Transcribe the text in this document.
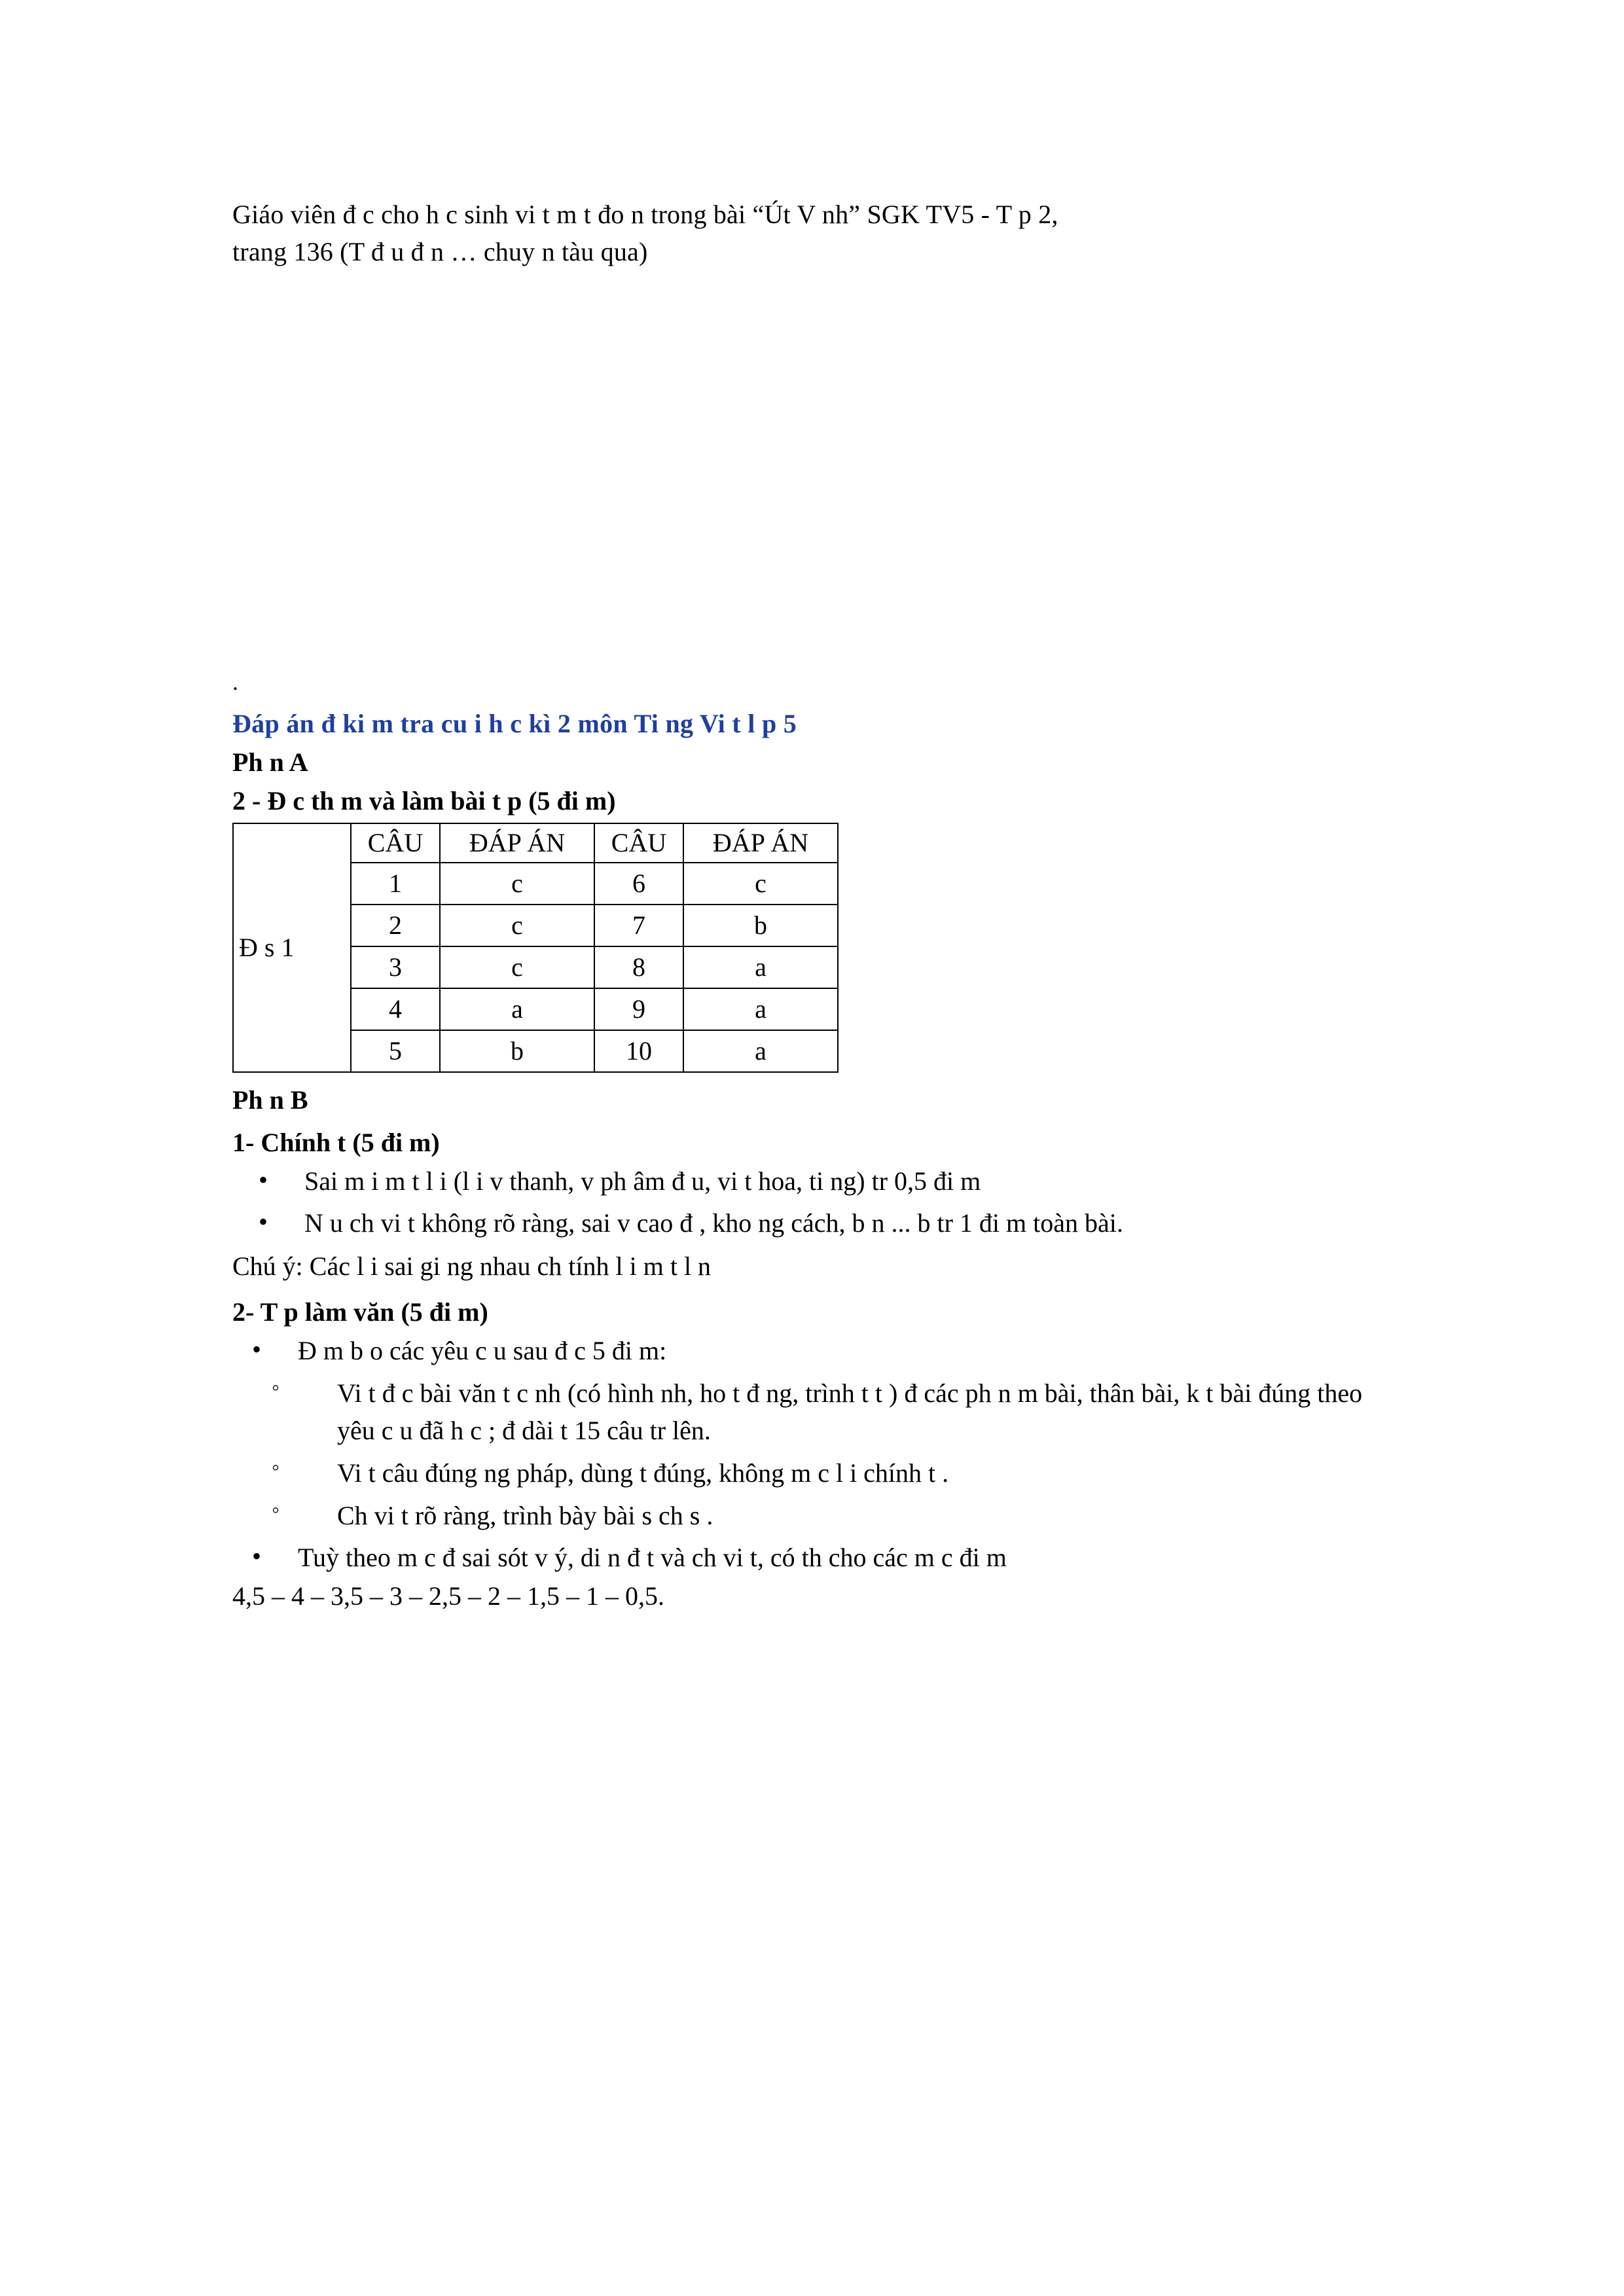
Giáo viên đ c cho h c sinh vi t m t đo n trong bài “Út V nh” SGK TV5 - T p 2,

trang 136 (T đ u đ n … chuy n tàu qua)

.
Đáp án đ ki m tra cu i h c kì 2 môn Ti ng Vi t l p 5
Ph n A
2 - Đ c th m và làm bài t p (5 đi m)
Đ s 1	CÂU	ĐÁP ÁN	CÂU	ĐÁP ÁN
	1	c	6	c
	2	c	7	b
	3	c	8	a
	4	a	9	a
	5	b	10	a
Ph n B
1- Chính t (5 đi m)
• Sai m i m t l i (l i v thanh, v ph âm đ u, vi t hoa, ti ng) tr 0,5 đi m
• N u ch vi t không rõ ràng, sai v cao đ , kho ng cách, b n ... b tr 1 đi m toàn bài.
Chú ý: Các l i sai gi ng nhau ch tính l i m t l n
2- T p làm văn (5 đi m)
• Đ m b o các yêu c u sau đ c 5 đi m:
◦ Vi t đ c bài văn t c nh (có hình nh, ho t đ ng, trình t t ) đ các ph n m bài, thân bài, k t bài đúng theo yêu c u đã h c ; đ dài t 15 câu tr lên.
◦ Vi t câu đúng ng pháp, dùng t đúng, không m c l i chính t .
◦ Ch vi t rõ ràng, trình bày bài s ch s .
• Tuỳ theo m c đ sai sót v ý, di n đ t và ch vi t, có th cho các m c đi m
4,5 – 4 – 3,5 – 3 – 2,5 – 2 – 1,5 – 1 – 0,5.
